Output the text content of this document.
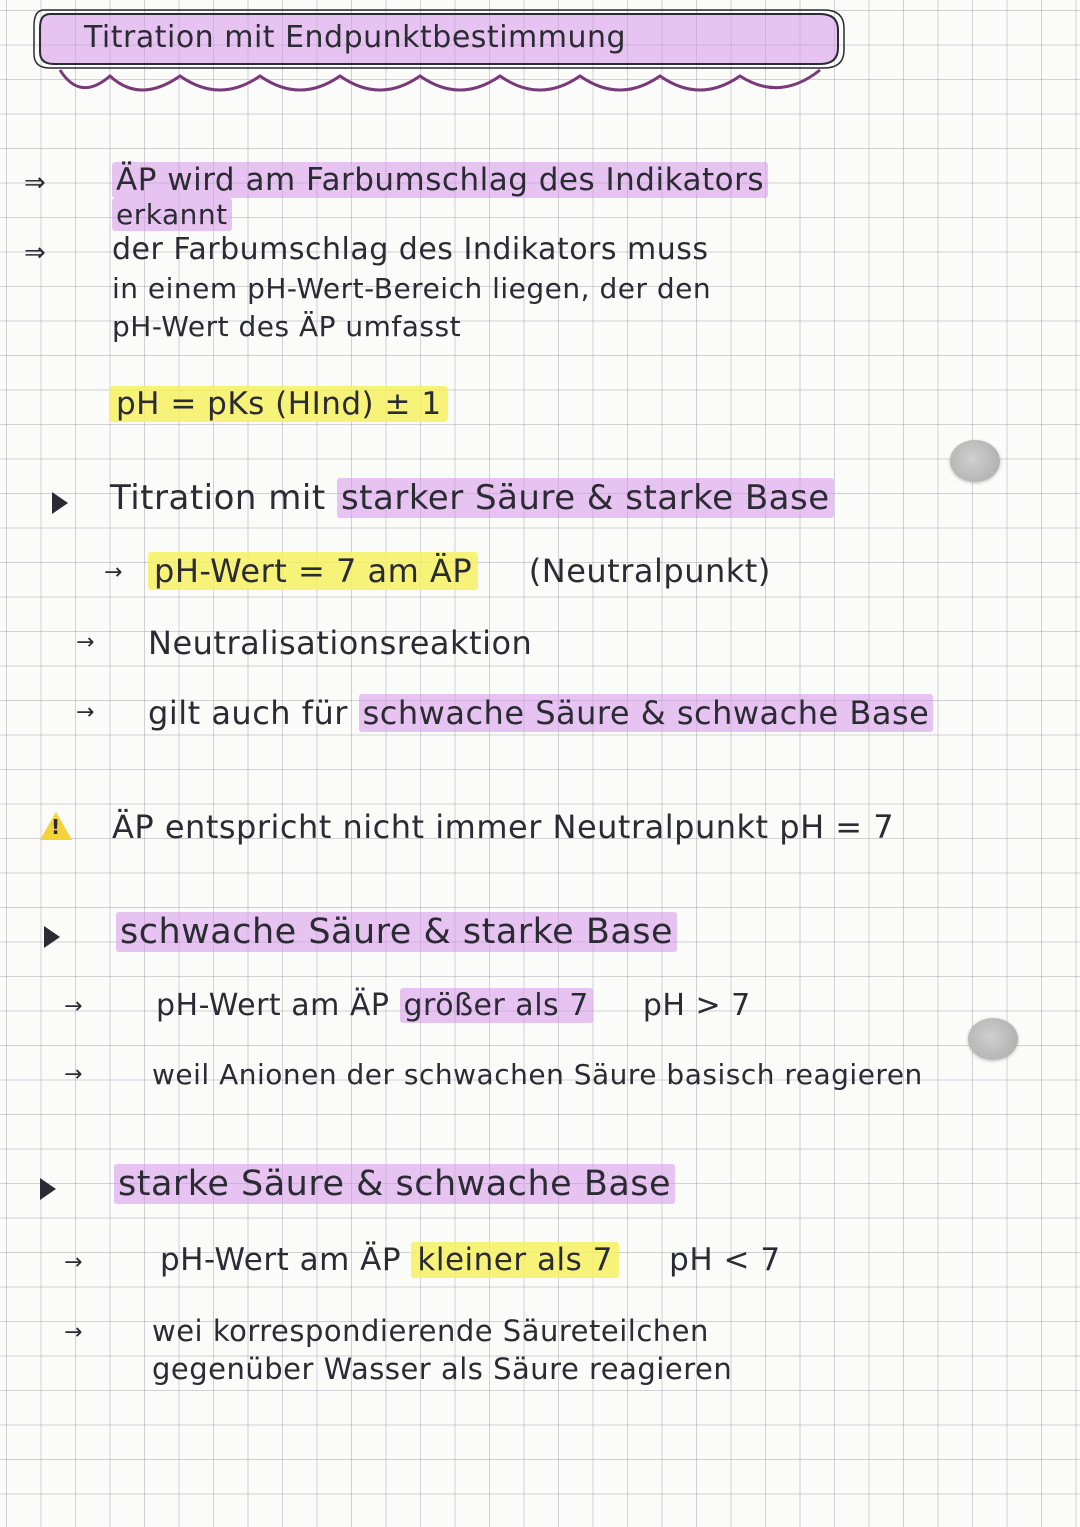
Titration mit Endpunktbestimmung
⇒ ÄP wird am Farbumschlag des Indikators
erkannt
⇒ der Farbumschlag des Indikators muss
in einem pH-Wert-Bereich liegen, der den
pH-Wert des ÄP umfasst
pH = pKs (HInd) ± 1
Titration mit starker Säure & starke Base
→ pH-Wert = 7 am ÄP (Neutralpunkt)
→ Neutralisationsreaktion
→ gilt auch für schwache Säure & schwache Base
! ÄP entspricht nicht immer Neutralpunkt pH = 7
schwache Säure & starke Base
→ pH-Wert am ÄP größer als 7 pH > 7
→ weil Anionen der schwachen Säure basisch reagieren
starke Säure & schwache Base
→	pH-Wert am ÄP kleiner als 7 pH < 7
→ wei korrespondierende Säureteilchen
gegenüber Wasser als Säure reagieren
